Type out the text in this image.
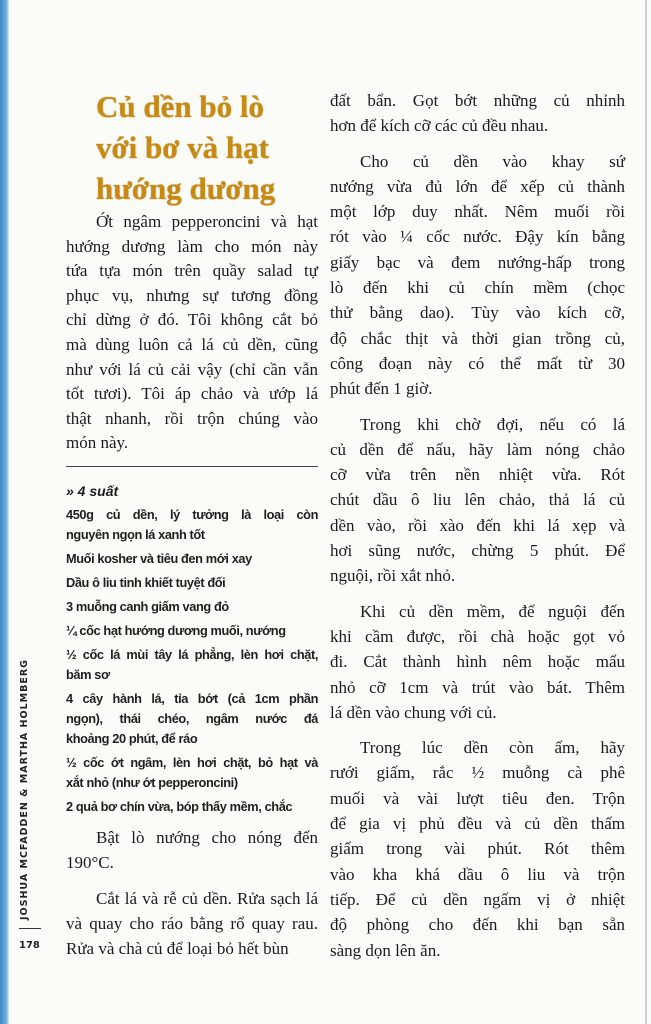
Củ dền bỏ lò
với bơ và hạt
hướng dương
Ớt ngâm pepperoncini và hạt
hướng dương làm cho món này
tứa tựa món trên quầy salad tự
phục vụ, nhưng sự tương đồng
chỉ dừng ở đó. Tôi không cắt bỏ
mà dùng luôn cả lá củ dền, cũng
như với lá củ cải vậy (chỉ cần vẫn
tốt tươi). Tôi áp chảo và ướp lá
thật nhanh, rồi trộn chúng vào
món này.
» 4 suất
450g củ dền, lý tưởng là loại còn
nguyên ngọn lá xanh tốt
Muối kosher và tiêu đen mới xay
Dầu ô liu tinh khiết tuyệt đối
3 muỗng canh giấm vang đỏ
¼ cốc hạt hướng dương muối, nướng
½ cốc lá mùi tây lá phẳng, lèn hơi chặt,
băm sơ
4 cây hành lá, tỉa bớt (cả 1cm phần
ngọn), thái chéo, ngâm nước đá
khoảng 20 phút, để ráo
½ cốc ớt ngâm, lèn hơi chặt, bỏ hạt và
xắt nhỏ (như ớt pepperoncini)
2 quả bơ chín vừa, bóp thấy mềm, chắc
Bật lò nướng cho nóng đến
190°C.
Cắt lá và rễ củ dền. Rửa sạch lá
và quay cho ráo bằng rổ quay rau.
Rửa và chà củ để loại bỏ hết bùn
đất bẩn. Gọt bớt những củ nhỉnh
hơn để kích cỡ các củ đều nhau.
Cho củ dền vào khay sứ
nướng vừa đủ lớn để xếp củ thành
một lớp duy nhất. Nêm muối rồi
rót vào ¼ cốc nước. Đậy kín bằng
giấy bạc và đem nướng-hấp trong
lò đến khi củ chín mềm (chọc
thử bằng dao). Tùy vào kích cỡ,
độ chắc thịt và thời gian trồng củ,
công đoạn này có thể mất từ 30
phút đến 1 giờ.
Trong khi chờ đợi, nếu có lá
củ dền để nấu, hãy làm nóng chảo
cỡ vừa trên nền nhiệt vừa. Rót
chút dầu ô liu lên chảo, thả lá củ
dền vào, rồi xào đến khi lá xẹp và
hơi sũng nước, chừng 5 phút. Để
nguội, rồi xắt nhỏ.
Khi củ dền mềm, để nguội đến
khi cầm được, rồi chà hoặc gọt vỏ
đi. Cắt thành hình nêm hoặc mẩu
nhỏ cỡ 1cm và trút vào bát. Thêm
lá dền vào chung với củ.
Trong lúc dền còn ấm, hãy
rưới giấm, rắc ½ muỗng cà phê
muối và vài lượt tiêu đen. Trộn
để gia vị phủ đều và củ dền thấm
giấm trong vài phút. Rót thêm
vào kha khá dầu ô liu và trộn
tiếp. Để củ dền ngấm vị ở nhiệt
độ phòng cho đến khi bạn sẵn
sàng dọn lên ăn.
JOSHUA MCFADDEN & MARTHA HOLMBERG
178
